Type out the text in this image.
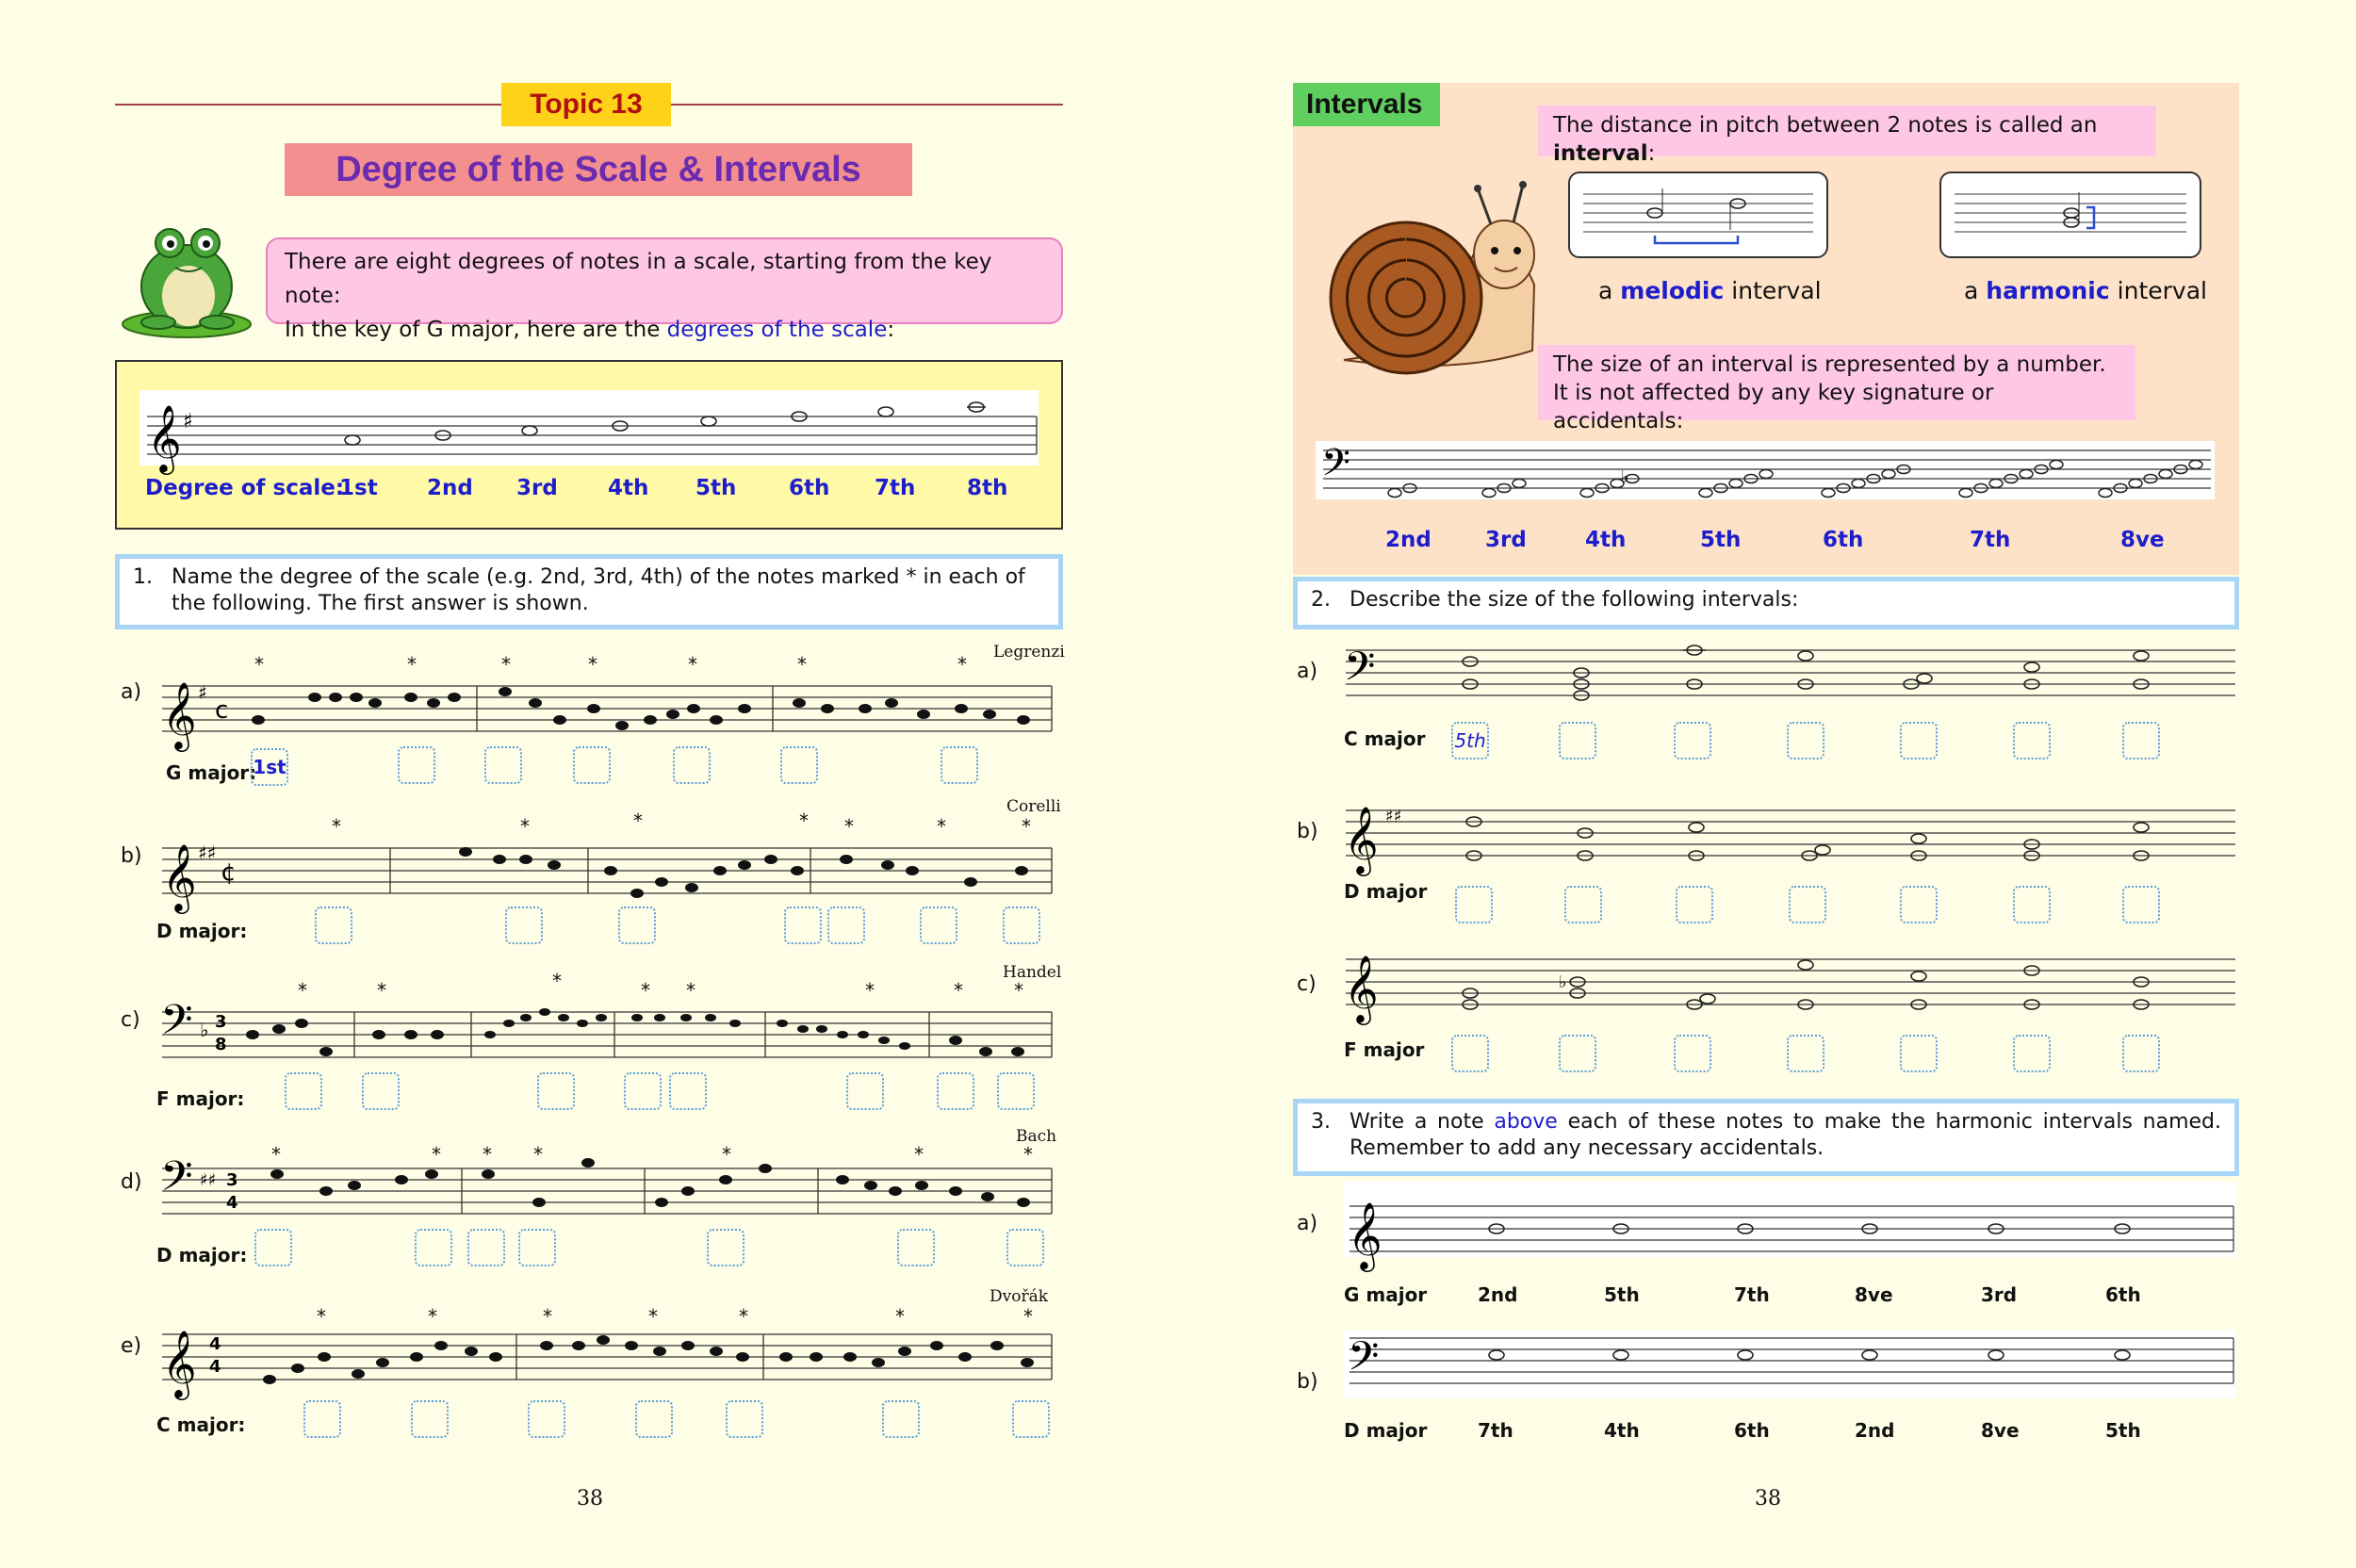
Topic 13
Degree of the Scale & Intervals
There are eight degrees of notes in a scale, starting from the key note:
In the key of G major, here are the degrees of the scale:
𝄞 ♯
Degree of scale:
1st 2nd 3rd 4th 5th 6th 7th 8th
1. Name the degree of the scale (e.g. 2nd, 3rd, 4th) of the notes marked * in each of the following. The first answer is shown.
𝄞 ♯
c
𝄞 ♯♯
¢
𝄢 ♭ 3
8
𝄢 ♯♯ 3
4
𝄞 4
4
*	*	*	*	*	*	*
*	*	*	* *	*	*
*	*	*	* *	*	*	*
*	* * *	*	*	*
*	*	*	*	*	*	*
a)
b)
c)
d)
e)
Legrenzi
Corelli
Handel
Bach
Dvořák
G major:
D major:
F major:
D major:
C major:
1st
38
Intervals
The distance in pitch between 2 notes is called an interval:
a melodic interval	a harmonic interval
The size of an interval is represented by a number.
It is not affected by any key signature or accidentals:
𝄢	♭
2nd 3rd	4th	5th	6th	7th	8ve
2. Describe the size of the following intervals:
𝄢
𝄞 ♯♯
𝄞	♭
a)
b)
c)
C major
D major
F major
5th
3. Write a note above each of these notes to make the harmonic intervals named. Remember to add any necessary accidentals.
𝄞
𝄢
a)
b)
G major	2nd	5th	7th	8ve	3rd	6th
D major	7th	4th	6th	2nd	8ve	5th
38
